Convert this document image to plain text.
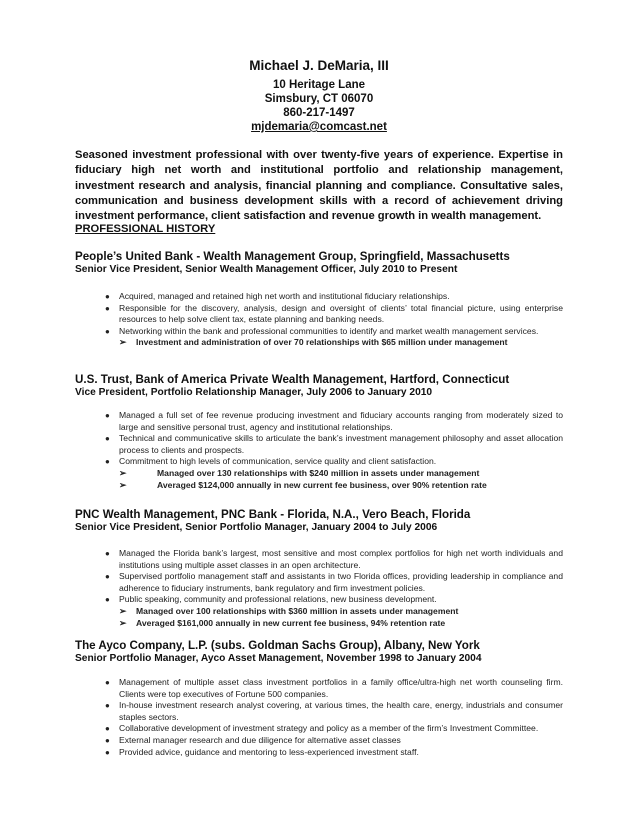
Michael J. DeMaria, III
10 Heritage Lane
Simsbury, CT 06070
860-217-1497
mjdemaria@comcast.net
Seasoned investment professional with over twenty-five years of experience. Expertise in fiduciary high net worth and institutional portfolio and relationship management, investment research and analysis, financial planning and compliance. Consultative sales, communication and business development skills with a record of achievement driving investment performance, client satisfaction and revenue growth in wealth management.
PROFESSIONAL HISTORY
People’s United Bank - Wealth Management Group, Springfield, Massachusetts
Senior Vice President, Senior Wealth Management Officer, July 2010 to Present
● Acquired, managed and retained high net worth and institutional fiduciary relationships.
● Responsible for the discovery, analysis, design and oversight of clients’ total financial picture, using enterprise resources to help solve client tax, estate planning and banking needs.
● Networking within the bank and professional communities to identify and market wealth management services.
➢ Investment and administration of over 70 relationships with $65 million under management
U.S. Trust, Bank of America Private Wealth Management, Hartford, Connecticut
Vice President, Portfolio Relationship Manager, July 2006 to January 2010
● Managed a full set of fee revenue producing investment and fiduciary accounts ranging from moderately sized to large and sensitive personal trust, agency and institutional relationships.
● Technical and communicative skills to articulate the bank’s investment management philosophy and asset allocation process to clients and prospects.
● Commitment to high levels of communication, service quality and client satisfaction.
➢	Managed over 130 relationships with $240 million in assets under management
➢	Averaged $124,000 annually in new current fee business, over 90% retention rate
PNC Wealth Management, PNC Bank - Florida, N.A., Vero Beach, Florida
Senior Vice President, Senior Portfolio Manager, January 2004 to July 2006
● Managed the Florida bank’s largest, most sensitive and most complex portfolios for high net worth individuals and institutions using multiple asset classes in an open architecture.
● Supervised portfolio management staff and assistants in two Florida offices, providing leadership in compliance and adherence to fiduciary instruments, bank regulatory and firm investment policies.
● Public speaking, community and professional relations, new business development.
➢ Managed over 100 relationships with $360 million in assets under management
➢ Averaged $161,000 annually in new current fee business, 94% retention rate
The Ayco Company, L.P. (subs. Goldman Sachs Group), Albany, New York
Senior Portfolio Manager, Ayco Asset Management, November 1998 to January 2004
● Management of multiple asset class investment portfolios in a family office/ultra-high net worth counseling firm. Clients were top executives of Fortune 500 companies.
● In-house investment research analyst covering, at various times, the health care, energy, industrials and consumer staples sectors.
● Collaborative development of investment strategy and policy as a member of the firm’s Investment Committee.
● External manager research and due diligence for alternative asset classes
● Provided advice, guidance and mentoring to less-experienced investment staff.
